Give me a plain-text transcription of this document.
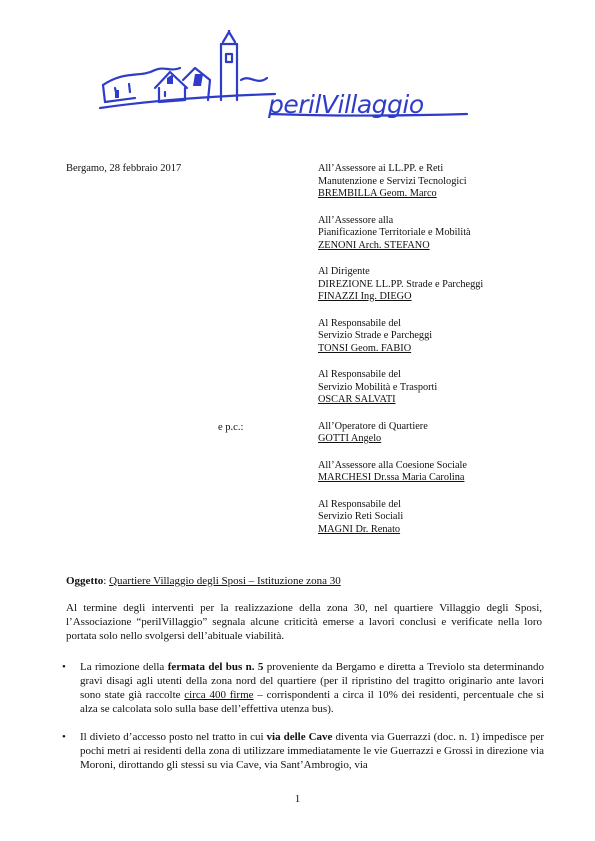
perilVillaggio
Bergamo, 28 febbraio 2017	All’Assessore ai LL.PP. e Reti
Manutenzione e Servizi Tecnologici
BREMBILLA Geom. Marco
All’Assessore alla
Pianificazione Territoriale e Mobilità
ZENONI Arch. STEFANO
Al Dirigente
DIREZIONE LL.PP. Strade e Parcheggi
FINAZZI Ing. DIEGO
Al Responsabile del
Servizio Strade e Parcheggi
TONSI Geom. FABIO
Al Responsabile del
Servizio Mobilità e Trasporti
OSCAR SALVATI
All’Operatore di Quartiere
GOTTI Angelo
All’Assessore alla Coesione Sociale
MARCHESI Dr.ssa Maria Carolina
Al Responsabile del
Servizio Reti Sociali
MAGNI Dr. Renato
e p.c.:
Oggetto: Quartiere Villaggio degli Sposi – Istituzione zona 30
Al termine degli interventi per la realizzazione della zona 30, nel quartiere Villaggio degli Sposi, l’Associazione “perilVillaggio” segnala alcune criticità emerse a lavori conclusi e verificate nella loro portata solo nello svolgersi dell’abituale viabilità.
• La rimozione della fermata del bus n. 5 proveniente da Bergamo e diretta a Treviolo sta determinando gravi disagi agli utenti della zona nord del quartiere (per il ripristino del tragitto originario ante lavori sono state già raccolte circa 400 firme – corrispondenti a circa il 10% dei residenti, percentuale che si alza se calcolata solo sulla base dell’effettiva utenza bus).

• Il divieto d’accesso posto nel tratto in cui via delle Cave diventa via Guerrazzi (doc. n. 1) impedisce per pochi metri ai residenti della zona di utilizzare immediatamente le vie Guerrazzi e Grossi in direzione via Moroni, dirottando gli stessi su via Cave, via Sant’Ambrogio, via

1
